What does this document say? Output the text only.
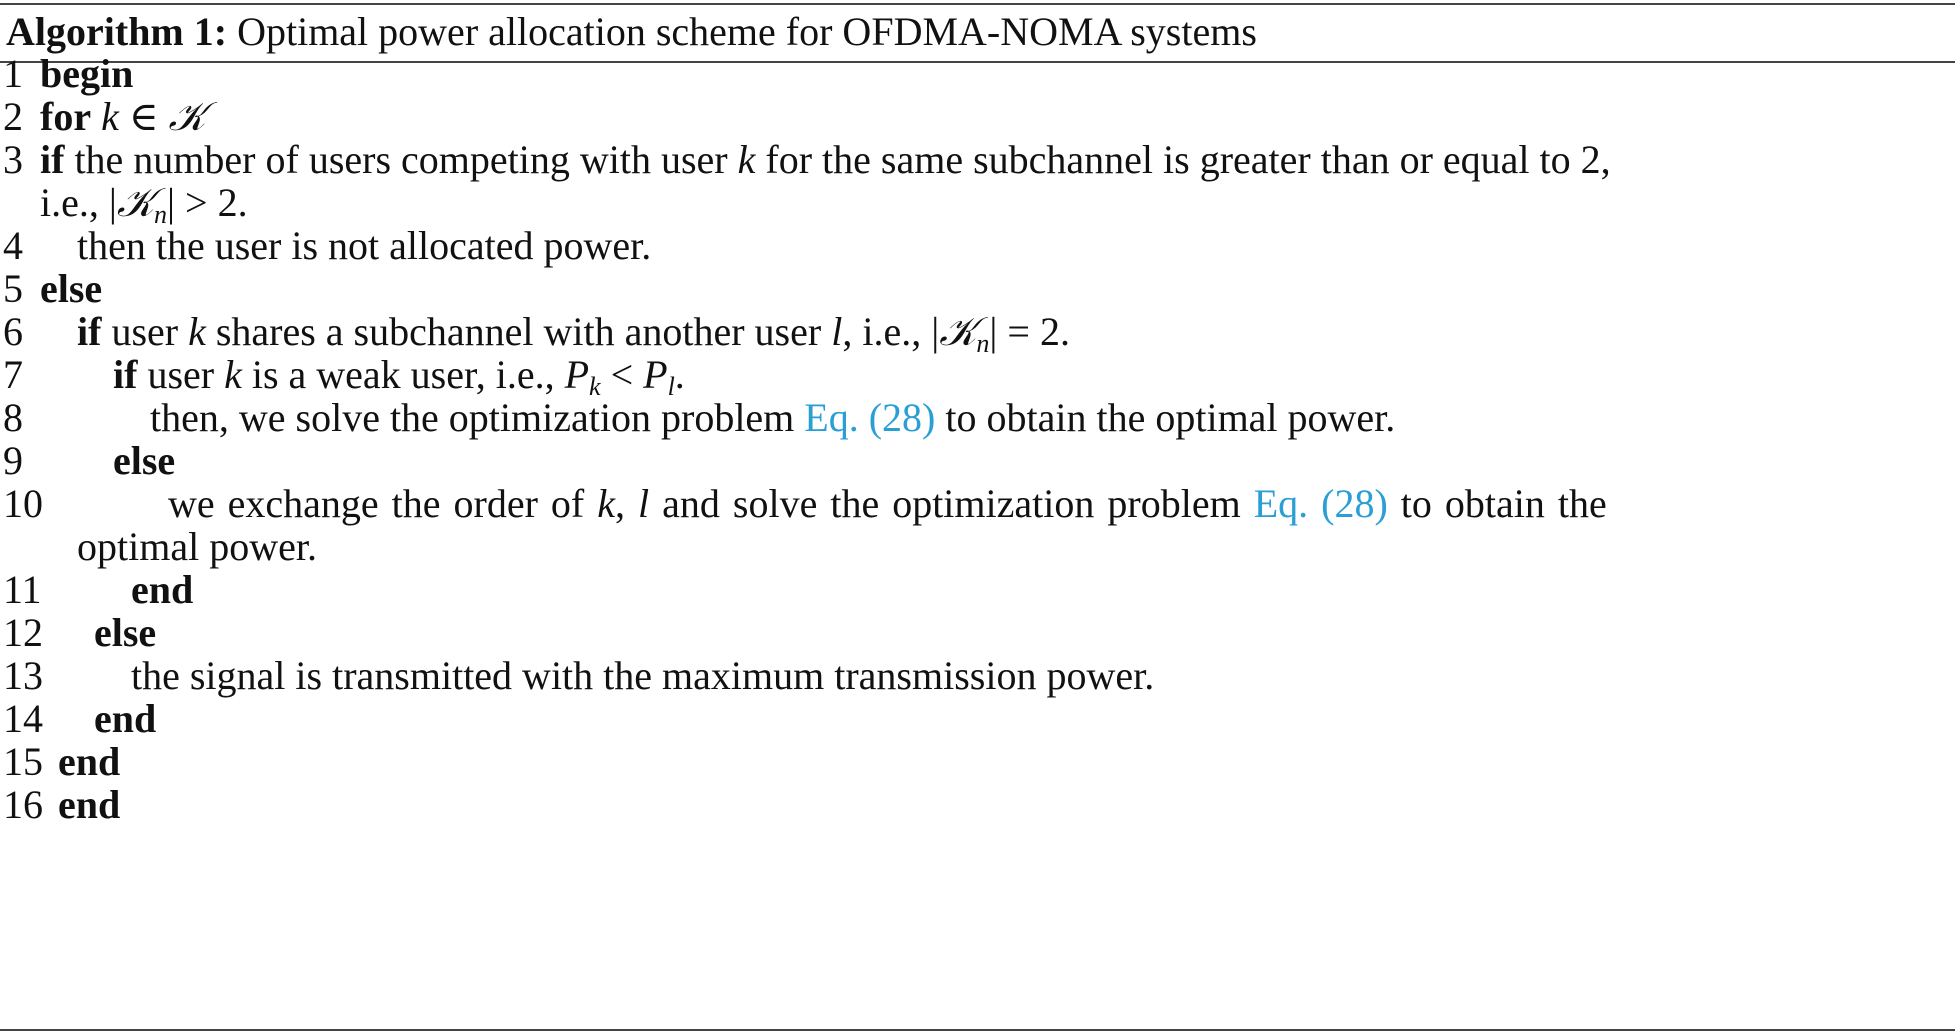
Algorithm 1: Optimal power allocation scheme for OFDMA-NOMA systems
1 begin
2 for k ∈ 𝒦
3 if the number of users competing with user k for the same subchannel is greater than or equal to 2,
i.e., |𝒦$_n$| > 2.
4 then the user is not allocated power.
5 else
6 if user k shares a subchannel with another user l, i.e., |𝒦$_n$| = 2.
7 if user k is a weak user, i.e., $P_k < P_l$.
8	then, we solve the optimization problem Eq. (28) to obtain the optimal power.
9 else
10	we exchange the order of k, l and solve the optimization problem Eq. (28) to obtain the
optimal power.
11 end
12 else
13 the signal is transmitted with the maximum transmission power.
14 end
15 end
16 end
